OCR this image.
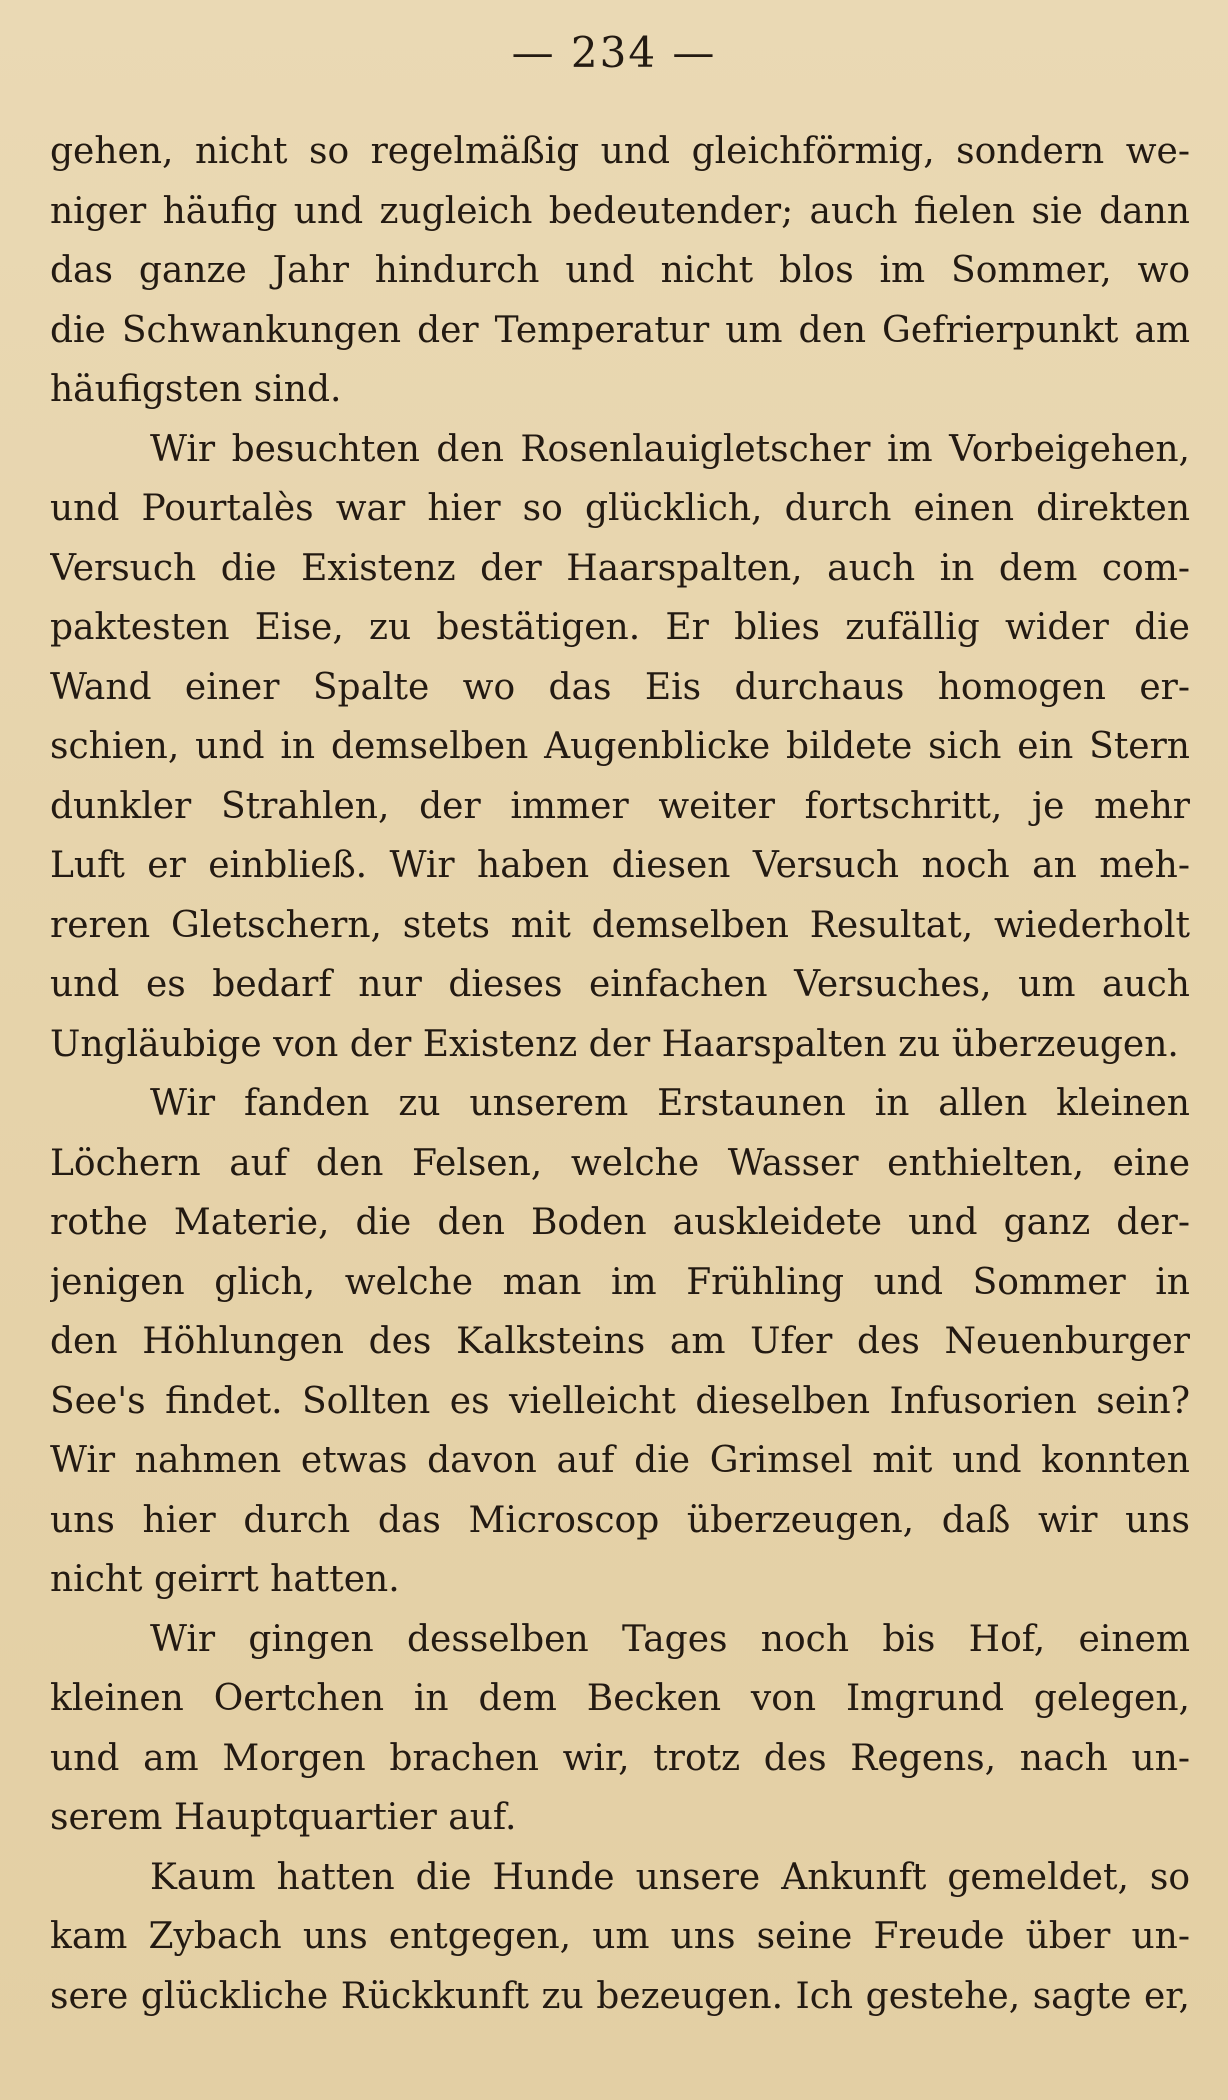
— 234 —
gehen, nicht so regelmäßig und gleichförmig, sondern we-
niger häufig und zugleich bedeutender; auch fielen sie dann
das ganze Jahr hindurch und nicht blos im Sommer, wo
die Schwankungen der Temperatur um den Gefrierpunkt am
häufigsten sind.
Wir besuchten den Rosenlauigletscher im Vorbeigehen,
und Pourtalès war hier so glücklich, durch einen direkten
Versuch die Existenz der Haarspalten, auch in dem com-
paktesten Eise, zu bestätigen. Er blies zufällig wider die
Wand einer Spalte wo das Eis durchaus homogen er-
schien, und in demselben Augenblicke bildete sich ein Stern
dunkler Strahlen, der immer weiter fortschritt, je mehr
Luft er einbließ. Wir haben diesen Versuch noch an meh-
reren Gletschern, stets mit demselben Resultat, wiederholt
und es bedarf nur dieses einfachen Versuches, um auch
Ungläubige von der Existenz der Haarspalten zu überzeugen.
Wir fanden zu unserem Erstaunen in allen kleinen
Löchern auf den Felsen, welche Wasser enthielten, eine
rothe Materie, die den Boden auskleidete und ganz der-
jenigen glich, welche man im Frühling und Sommer in
den Höhlungen des Kalksteins am Ufer des Neuenburger
See's findet. Sollten es vielleicht dieselben Infusorien sein?
Wir nahmen etwas davon auf die Grimsel mit und konnten
uns hier durch das Microscop überzeugen, daß wir uns
nicht geirrt hatten.
Wir gingen desselben Tages noch bis Hof, einem
kleinen Oertchen in dem Becken von Imgrund gelegen,
und am Morgen brachen wir, trotz des Regens, nach un-
serem Hauptquartier auf.
Kaum hatten die Hunde unsere Ankunft gemeldet, so
kam Zybach uns entgegen, um uns seine Freude über un-
sere glückliche Rückkunft zu bezeugen. Ich gestehe, sagte er,
